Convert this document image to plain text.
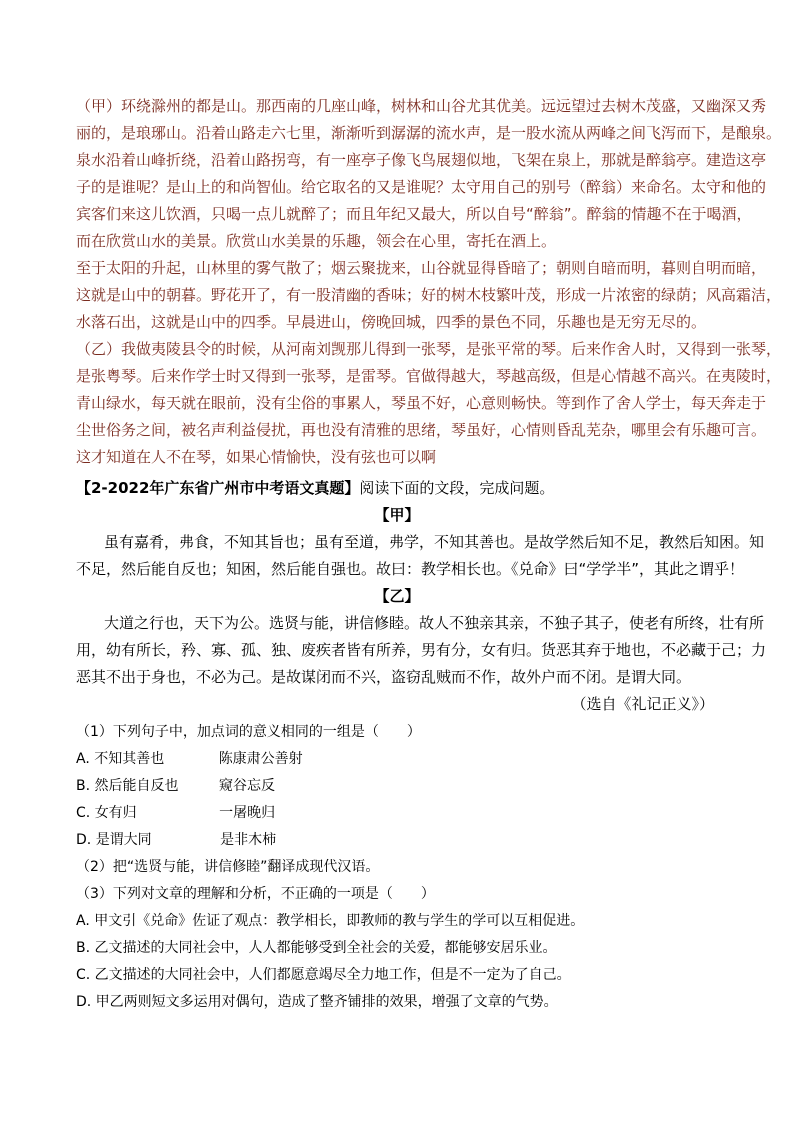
（甲）环绕滁州的都是山。那西南的几座山峰，树林和山谷尤其优美。远远望过去树木茂盛，又幽深又秀
丽的，是琅琊山。沿着山路走六七里，渐渐听到潺潺的流水声，是一股水流从两峰之间飞泻而下，是酿泉。
泉水沿着山峰折绕，沿着山路拐弯，有一座亭子像飞鸟展翅似地，飞架在泉上，那就是醉翁亭。建造这亭
子的是谁呢？是山上的和尚智仙。给它取名的又是谁呢？太守用自己的别号（醉翁）来命名。太守和他的
宾客们来这儿饮酒，只喝一点儿就醉了；而且年纪又最大，所以自号“醉翁”。醉翁的情趣不在于喝酒，
而在欣赏山水的美景。欣赏山水美景的乐趣，领会在心里，寄托在酒上。
至于太阳的升起，山林里的雾气散了；烟云聚拢来，山谷就显得昏暗了；朝则自暗而明，暮则自明而暗，
这就是山中的朝暮。野花开了，有一股清幽的香味；好的树木枝繁叶茂，形成一片浓密的绿荫；风高霜洁，
水落石出，这就是山中的四季。早晨进山，傍晚回城，四季的景色不同，乐趣也是无穷无尽的。
（乙）我做夷陵县令的时候，从河南刘觊那儿得到一张琴，是张平常的琴。后来作舍人时，又得到一张琴，
是张粤琴。后来作学士时又得到一张琴，是雷琴。官做得越大，琴越高级，但是心情越不高兴。在夷陵时，
青山绿水，每天就在眼前，没有尘俗的事累人，琴虽不好，心意则畅快。等到作了舍人学士，每天奔走于
尘世俗务之间，被名声利益侵扰，再也没有清雅的思绪，琴虽好，心情则昏乱芜杂，哪里会有乐趣可言。
这才知道在人不在琴，如果心情愉快，没有弦也可以啊
【2-2022年广东省广州市中考语文真题】阅读下面的文段，完成问题。
【甲】
虽有嘉肴，弗食，不知其旨也；虽有至道，弗学，不知其善也。是故学然后知不足，教然后知困。知
不足，然后能自反也；知困，然后能自强也。故曰：教学相长也。《兑命》曰“学学半”，其此之谓乎！
【乙】
大道之行也，天下为公。选贤与能，讲信修睦。故人不独亲其亲，不独子其子，使老有所终，壮有所
用，幼有所长，矜、寡、孤、独、废疾者皆有所养，男有分，女有归。货恶其弃于地也，不必藏于己；力
恶其不出于身也，不必为己。是故谋闭而不兴，盗窃乱贼而不作，故外户而不闭。是谓大同。
（选自《礼记正义》）
（1）下列句子中，加点词的意义相同的一组是（　　）
A. 不知其善也	陈康肃公善射
B. 然后能自反也	窥谷忘反
C. 女有归	一屠晚归
D. 是谓大同	是非木柿
（2）把“选贤与能，讲信修睦”翻译成现代汉语。
（3）下列对文章的理解和分析，不正确的一项是（　　）
A. 甲文引《兑命》佐证了观点：教学相长，即教师的教与学生的学可以互相促进。
B. 乙文描述的大同社会中，人人都能够受到全社会的关爱，都能够安居乐业。
C. 乙文描述的大同社会中，人们都愿意竭尽全力地工作，但是不一定为了自己。
D. 甲乙两则短文多运用对偶句，造成了整齐铺排的效果，增强了文章的气势。
